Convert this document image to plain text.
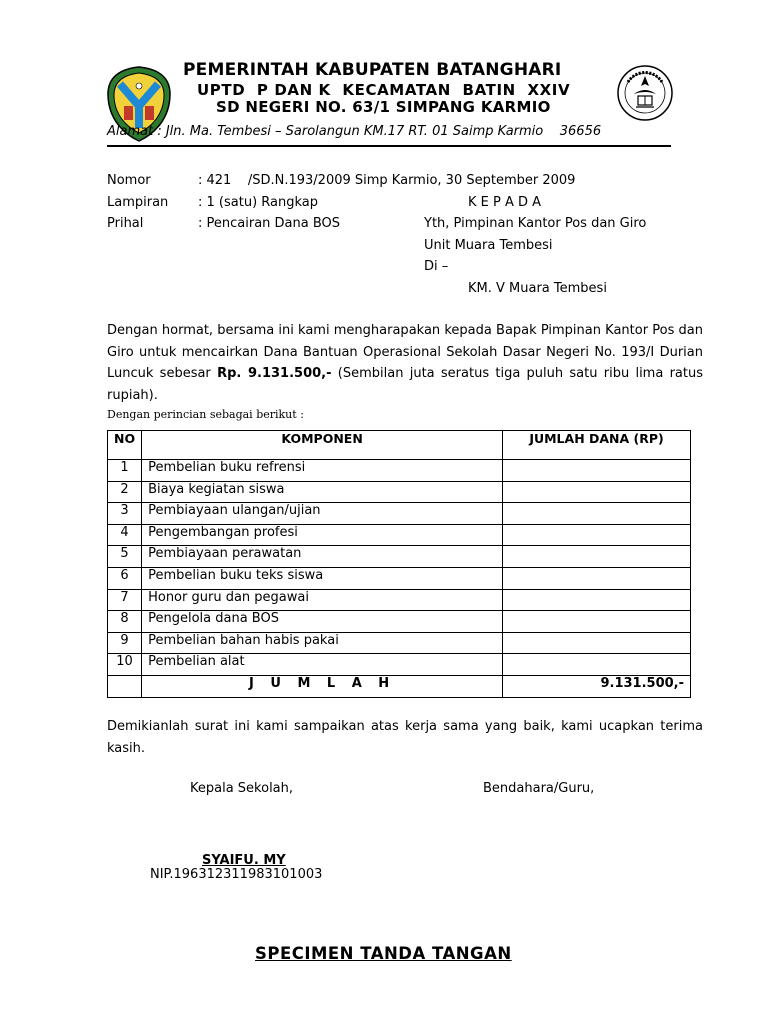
PEMERINTAH KABUPATEN BATANGHARI
UPTD  P DAN K  KECAMATAN  BATIN  XXIV
SD NEGERI NO. 63/1 SIMPANG KARMIO
Alamat : Jln. Ma. Tembesi – Sarolangun KM.17 RT. 01 Saimp Karmio    36656
Nomor	: 421    /SD.N.193/2009 Simp Karmio, 30 September 2009
Lampiran : 1 (satu) Rangkap
Prihal	: Pencairan Dana BOS
K E P A D A
Yth, Pimpinan Kantor Pos dan Giro
Unit Muara Tembesi
Di –
KM. V Muara Tembesi
Dengan hormat, bersama ini kami mengharapakan kepada Bapak Pimpinan Kantor Pos dan Giro untuk mencairkan Dana Bantuan Operasional Sekolah Dasar Negeri No. 193/I Durian Luncuk sebesar Rp. 9.131.500,- (Sembilan juta seratus tiga puluh satu ribu lima ratus rupiah).
Dengan perincian sebagai berikut :
NO	KOMPONEN	JUMLAH DANA (RP)
1	Pembelian buku refrensi	
2	Biaya kegiatan siswa	
3	Pembiayaan ulangan/ujian	
4	Pengembangan profesi	
5	Pembiayaan perawatan	
6	Pembelian buku teks siswa	
7	Honor guru dan pegawai	
8	Pengelola dana BOS	
9	Pembelian bahan habis pakai	
10	Pembelian alat	
	J U M L A H	9.131.500,-
Demikianlah surat ini kami sampaikan atas kerja sama yang baik, kami ucapkan terima kasih.
Kepala Sekolah,	Bendahara/Guru,
SYAIFU. MY
NIP.196312311983101003
SPECIMEN TANDA TANGAN
